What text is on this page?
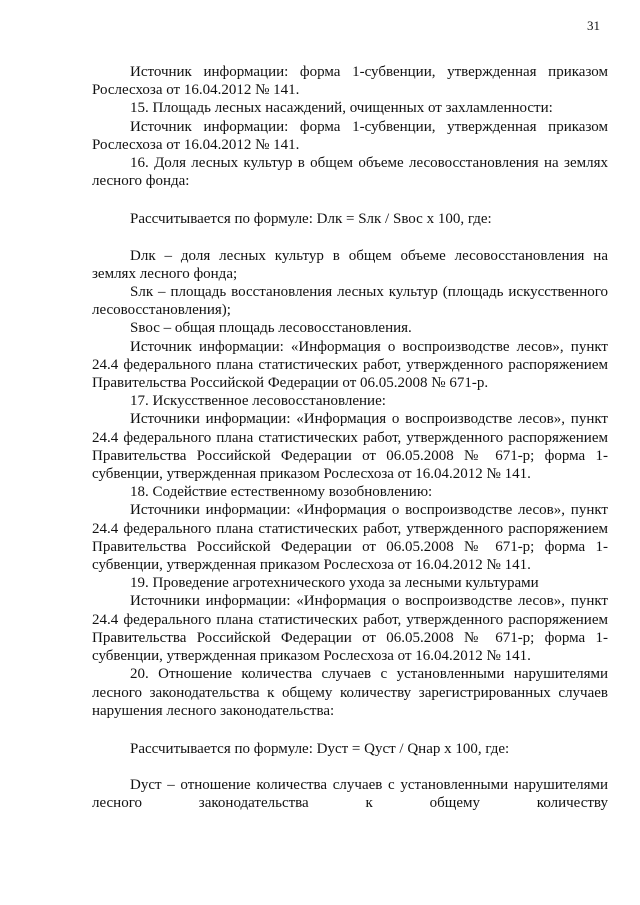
31

Источник информации: форма 1-субвенции, утвержденная приказом Рослесхоза от 16.04.2012 № 141.

15. Площадь лесных насаждений, очищенных от захламленности:

Источник информации: форма 1-субвенции, утвержденная приказом Рослесхоза от 16.04.2012 № 141.

16. Доля лесных культур в общем объеме лесовосстановления на землях лесного фонда:

Рассчитывается по формуле: Dлк = Sлк / Sвос х 100, где:

Dлк – доля лесных культур в общем объеме лесовосстановления на землях лесного фонда;

Sлк – площадь восстановления лесных культур (площадь искусственного лесовосстановления);

Sвос – общая площадь лесовосстановления.

Источник информации: «Информация о воспроизводстве лесов», пункт 24.4 федерального плана статистических работ, утвержденного распоряжением Правительства Российской Федерации от 06.05.2008 № 671-р.

17. Искусственное лесовосстановление:

Источники информации: «Информация о воспроизводстве лесов», пункт 24.4 федерального плана статистических работ, утвержденного распоряжением Правительства Российской Федерации от 06.05.2008 № 671-р; форма 1-субвенции, утвержденная приказом Рослесхоза от 16.04.2012 № 141.

18. Содействие естественному возобновлению:

Источники информации: «Информация о воспроизводстве лесов», пункт 24.4 федерального плана статистических работ, утвержденного распоряжением Правительства Российской Федерации от 06.05.2008 № 671-р; форма 1-субвенции, утвержденная приказом Рослесхоза от 16.04.2012 № 141.

19. Проведение агротехнического ухода за лесными культурами

Источники информации: «Информация о воспроизводстве лесов», пункт 24.4 федерального плана статистических работ, утвержденного распоряжением Правительства Российской Федерации от 06.05.2008 № 671-р; форма 1-субвенции, утвержденная приказом Рослесхоза от 16.04.2012 № 141.

20. Отношение количества случаев с установленными нарушителями лесного законодательства к общему количеству зарегистрированных случаев нарушения лесного законодательства:

Рассчитывается по формуле: Dуст = Qуст / Qнар х 100, где:

Dуст – отношение количества случаев с установленными нарушителями лесного законодательства к общему количеству
